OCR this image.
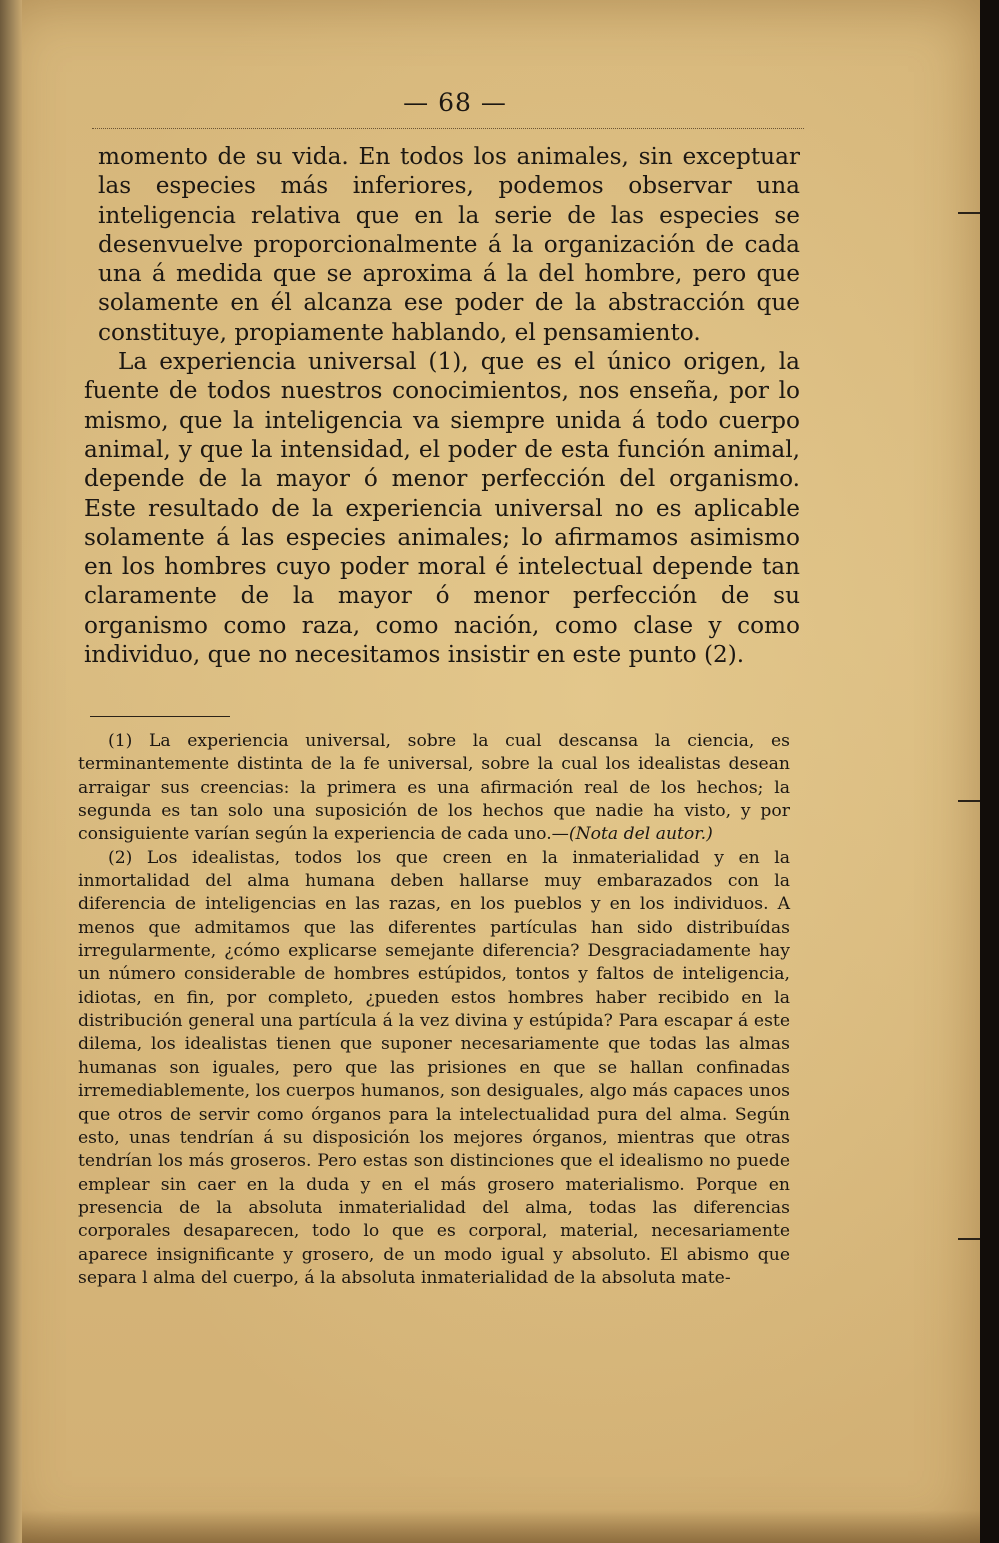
— 68 —

momento de su vida. En todos los animales, sin exceptuar las especies más inferiores, podemos observar una inteligencia relativa que en la serie de las especies se desenvuelve proporcionalmente á la organización de cada una á medida que se aproxima á la del hombre, pero que solamente en él alcanza ese poder de la abstracción que constituye, propiamente hablando, el pensamiento.

La experiencia universal (1), que es el único origen, la fuente de todos nuestros conocimientos, nos enseña, por lo mismo, que la inteligencia va siempre unida á todo cuerpo animal, y que la intensidad, el poder de esta función animal, depende de la mayor ó menor perfección del organismo. Este resultado de la experiencia universal no es aplicable solamente á las especies animales; lo afirmamos asimismo en los hombres cuyo poder moral é intelectual depende tan claramente de la mayor ó menor perfección de su organismo como raza, como nación, como clase y como individuo, que no necesitamos insistir en este punto (2).

(1) La experiencia universal, sobre la cual descansa la ciencia, es terminantemente distinta de la fe universal, sobre la cual los idealistas desean arraigar sus creencias: la primera es una afirmación real de los hechos; la segunda es tan solo una suposición de los hechos que nadie ha visto, y por consiguiente varían según la experiencia de cada uno.—(Nota del autor.)

(2) Los idealistas, todos los que creen en la inmaterialidad y en la inmortalidad del alma humana deben hallarse muy embarazados con la diferencia de inteligencias en las razas, en los pueblos y en los individuos. A menos que admitamos que las diferentes partículas han sido distribuídas irregularmente, ¿cómo explicarse semejante diferencia? Desgraciadamente hay un número considerable de hombres estúpidos, tontos y faltos de inteligencia, idiotas, en fin, por completo, ¿pueden estos hombres haber recibido en la distribución general una partícula á la vez divina y estúpida? Para escapar á este dilema, los idealistas tienen que suponer necesariamente que todas las almas humanas son iguales, pero que las prisiones en que se hallan confinadas irremediablemente, los cuerpos humanos, son desiguales, algo más capaces unos que otros de servir como órganos para la intelectualidad pura del alma. Según esto, unas tendrían á su disposición los mejores órganos, mientras que otras tendrían los más groseros. Pero estas son distinciones que el idealismo no puede emplear sin caer en la duda y en el más grosero materialismo. Porque en presencia de la absoluta inmaterialidad del alma, todas las diferencias corporales desaparecen, todo lo que es corporal, material, necesariamente aparece insignificante y grosero, de un modo igual y absoluto. El abismo que separa l alma del cuerpo, á la absoluta inmaterialidad de la absoluta mate-
